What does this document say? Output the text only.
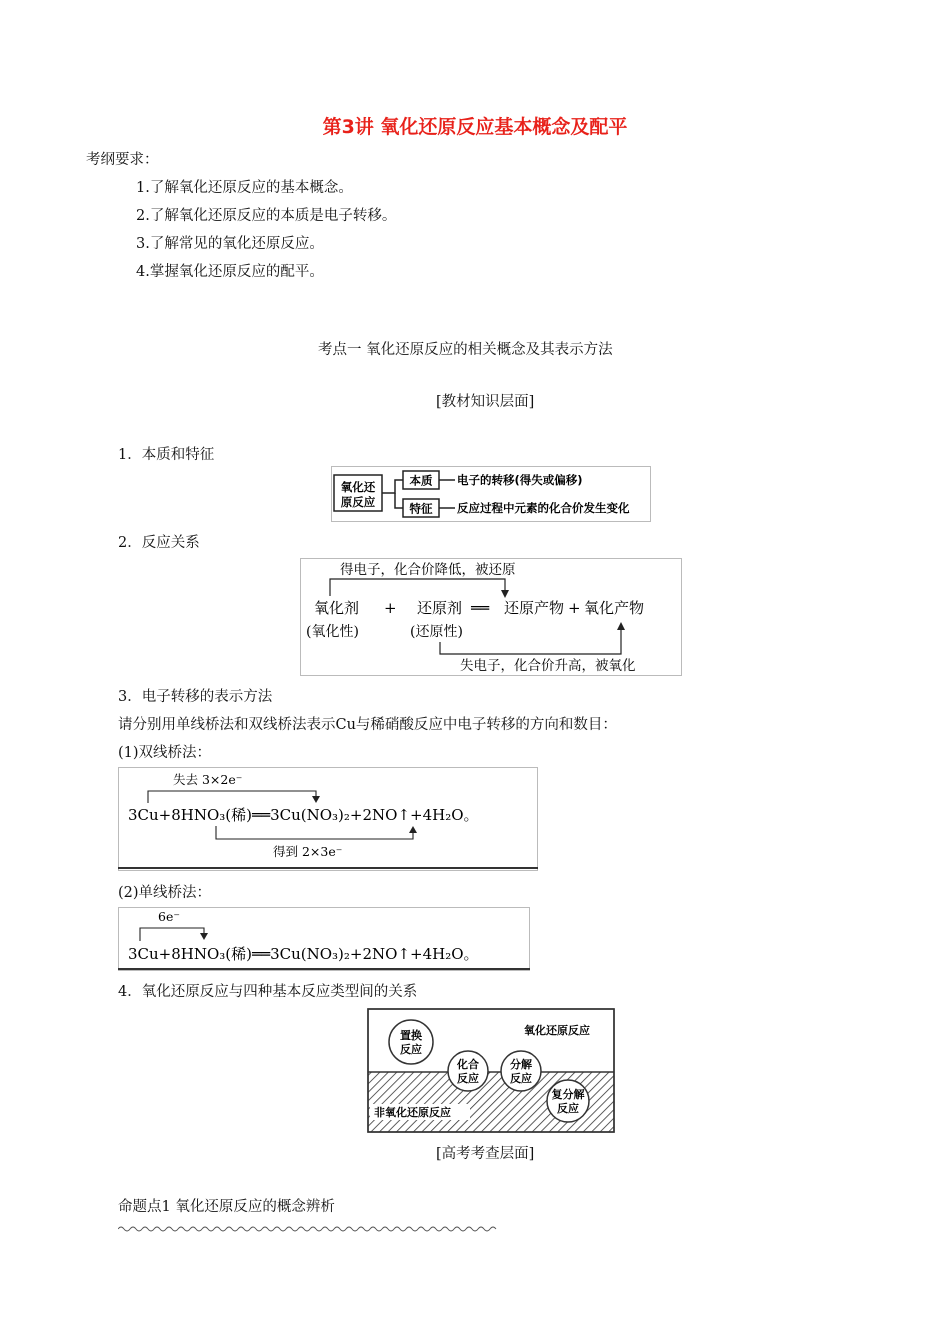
第3讲 氧化还原反应基本概念及配平
考纲要求：
1.了解氧化还原反应的基本概念。
2.了解氧化还原反应的本质是电子转移。
3.了解常见的氧化还原反应。
4.掌握氧化还原反应的配平。
考点一 氧化还原反应的相关概念及其表示方法
[教材知识层面]
1．本质和特征
氧化还
原反应
本质
特征
电子的转移(得失或偏移)
反应过程中元素的化合价发生变化
2．反应关系
得电子，化合价降低，被还原
氧化剂 + 还原剂 ══ 还原产物 + 氧化产物
(氧化性)	(还原性)
失电子，化合价升高，被氧化
3．电子转移的表示方法
请分别用单线桥法和双线桥法表示Cu与稀硝酸反应中电子转移的方向和数目：
(1)双线桥法：
失去 3×2e⁻
3Cu+8HNO₃(稀)══3Cu(NO₃)₂+2NO↑+4H₂O。
得到 2×3e⁻
(2)单线桥法：
6e⁻
3Cu+8HNO₃(稀)══3Cu(NO₃)₂+2NO↑+4H₂O。
4．氧化还原反应与四种基本反应类型间的关系
氧化还原反应
非氧化还原反应
置换
反应
化合
反应
分解
反应
复分解
反应
[高考考查层面]
命题点1 氧化还原反应的概念辨析
